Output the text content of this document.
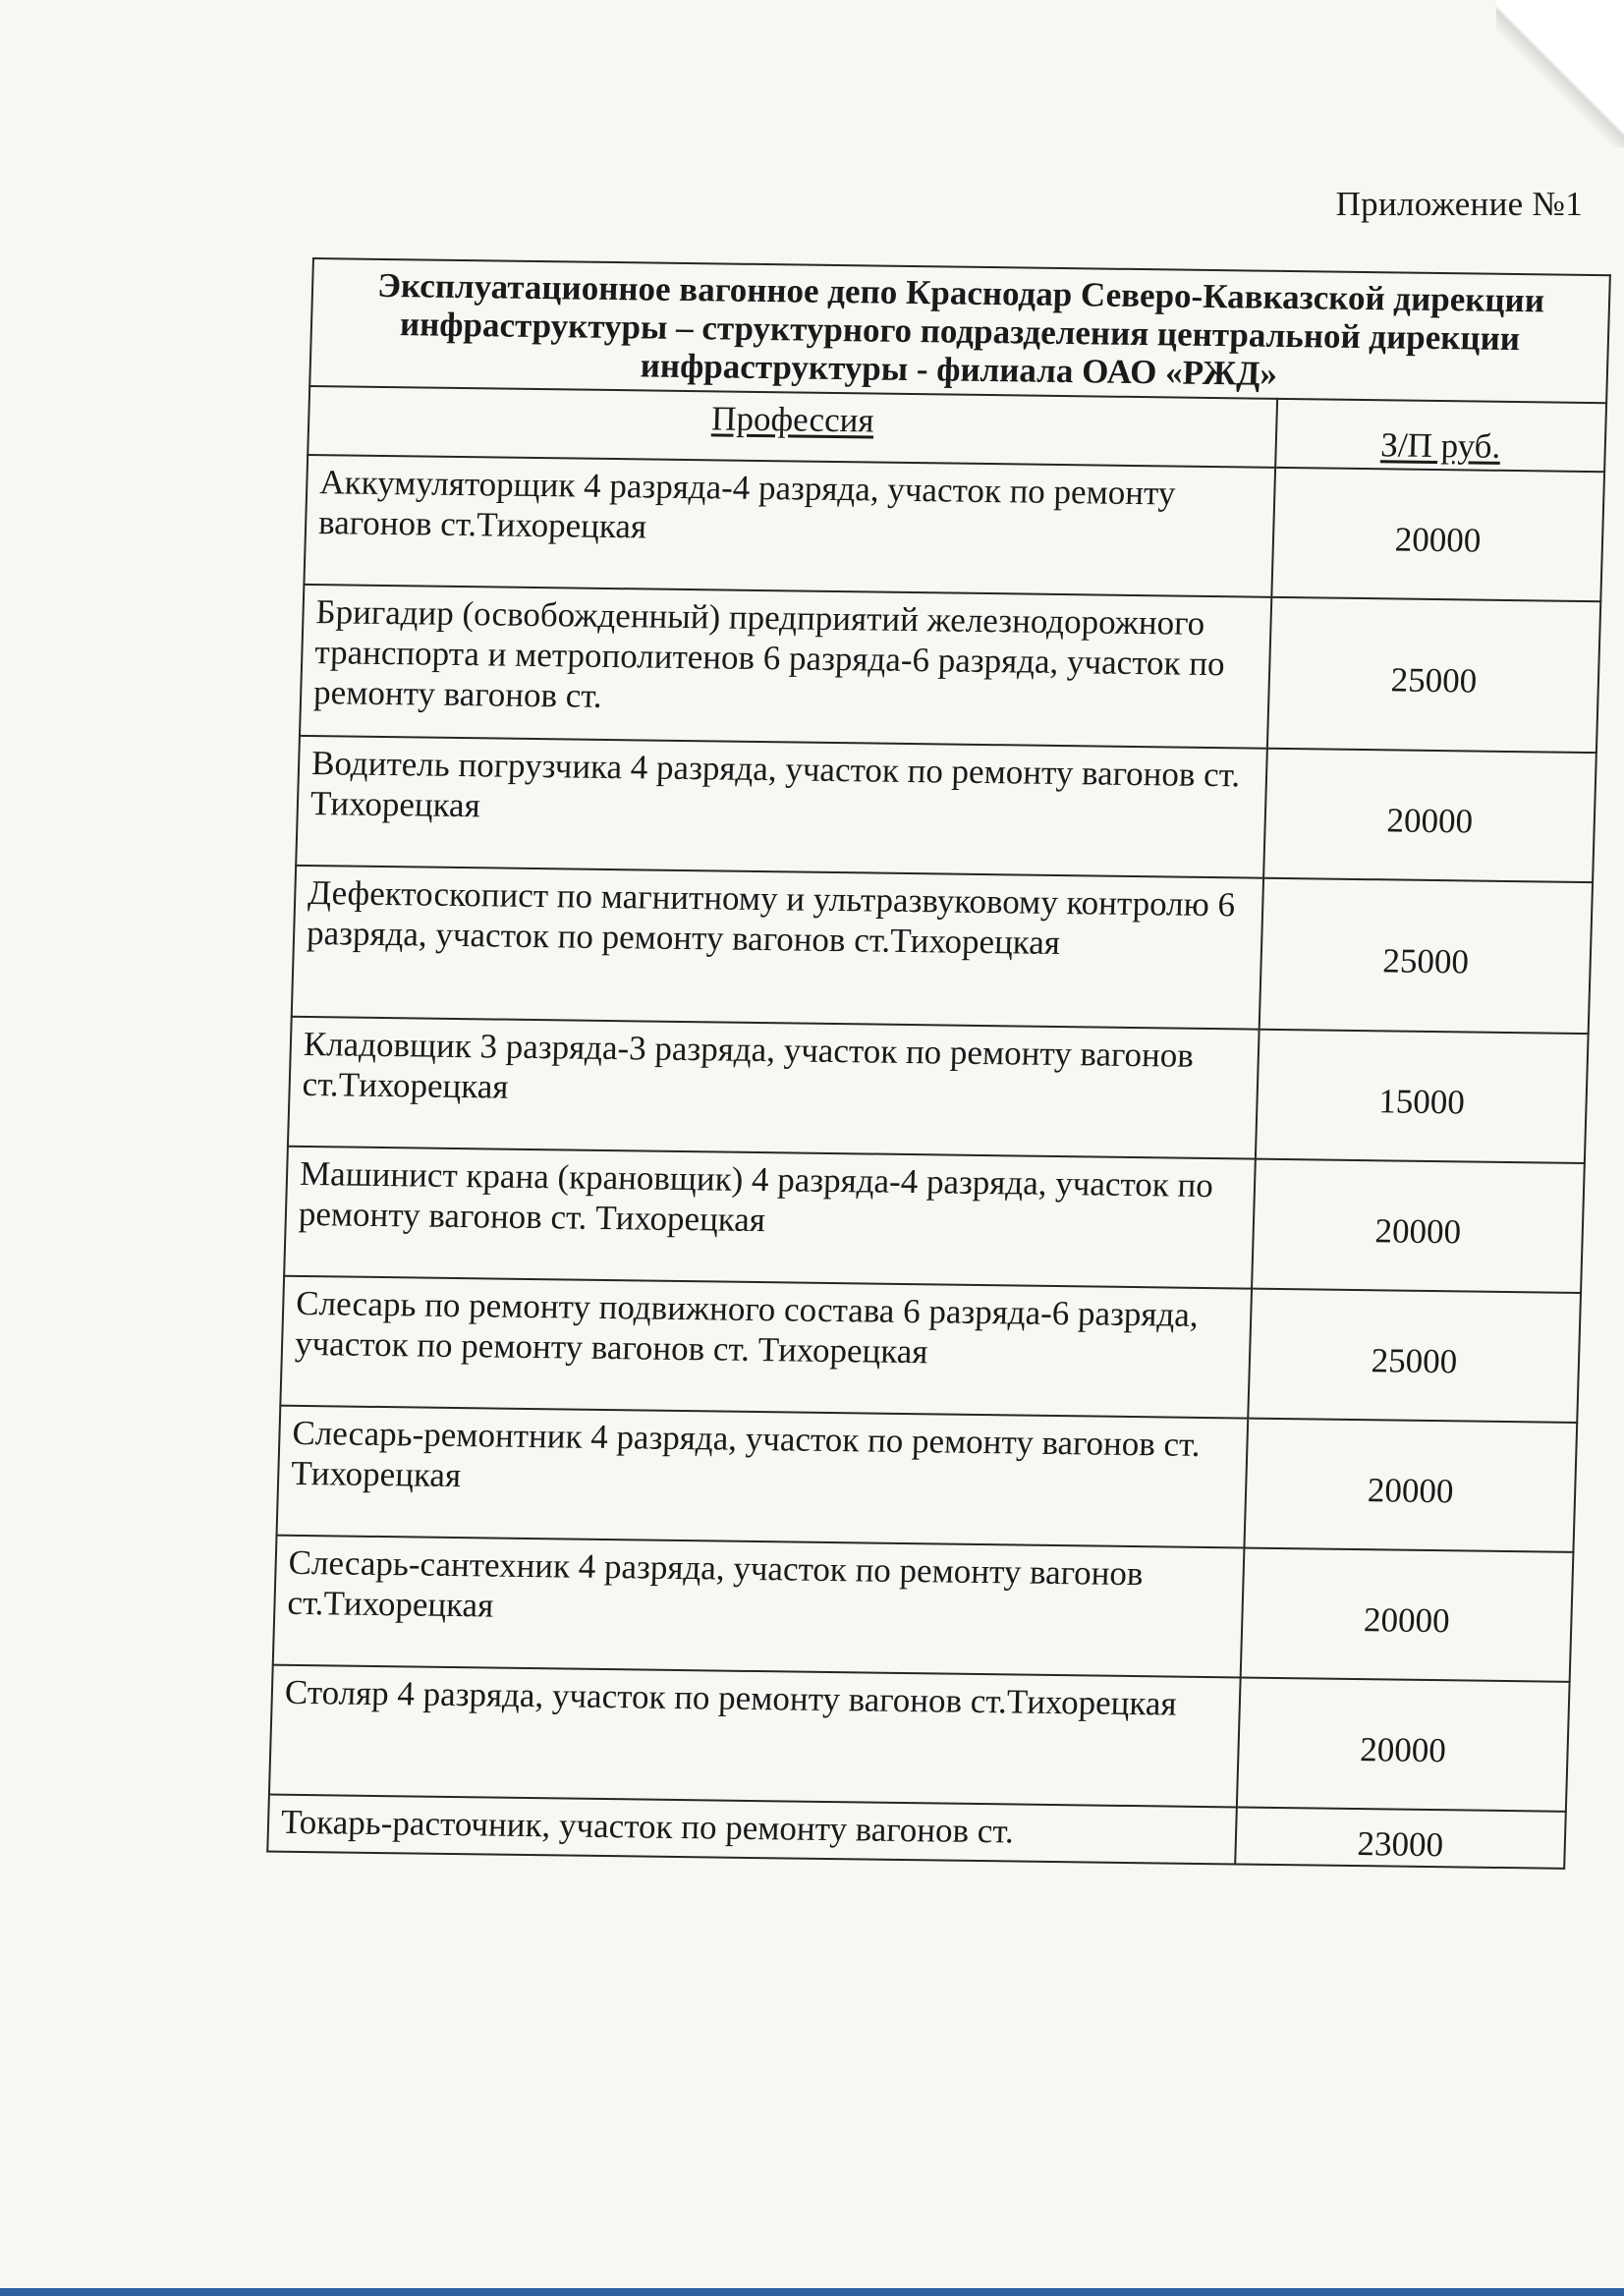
Приложение №1
Эксплуатационное вагонное депо Краснодар Северо-Кавказской дирекции инфраструктуры – структурного подразделения центральной дирекции инфраструктуры - филиала ОАО «РЖД»	
Профессия	З/П руб.
Аккумуляторщик 4 разряда-4 разряда, участок по ремонту вагонов ст.Тихорецкая	20000
Бригадир (освобожденный) предприятий железнодорожного транспорта и метрополитенов 6 разряда-6 разряда, участок по ремонту вагонов ст.	25000
Водитель погрузчика 4 разряда, участок по ремонту вагонов ст. Тихорецкая	20000
Дефектоскопист по магнитному и ультразвуковому контролю 6 разряда, участок по ремонту вагонов ст.Тихорецкая	25000
Кладовщик 3 разряда-3 разряда, участок по ремонту вагонов ст.Тихорецкая	15000
Машинист крана (крановщик) 4 разряда-4 разряда, участок по ремонту вагонов ст. Тихорецкая	20000
Слесарь по ремонту подвижного состава 6 разряда-6 разряда, участок по ремонту вагонов ст. Тихорецкая	25000
Слесарь-ремонтник 4 разряда, участок по ремонту вагонов ст. Тихорецкая	20000
Слесарь-сантехник 4 разряда, участок по ремонту вагонов ст.Тихорецкая	20000
Столяр 4 разряда, участок по ремонту вагонов ст.Тихорецкая	20000
Токарь-расточник, участок по ремонту вагонов ст.	23000
